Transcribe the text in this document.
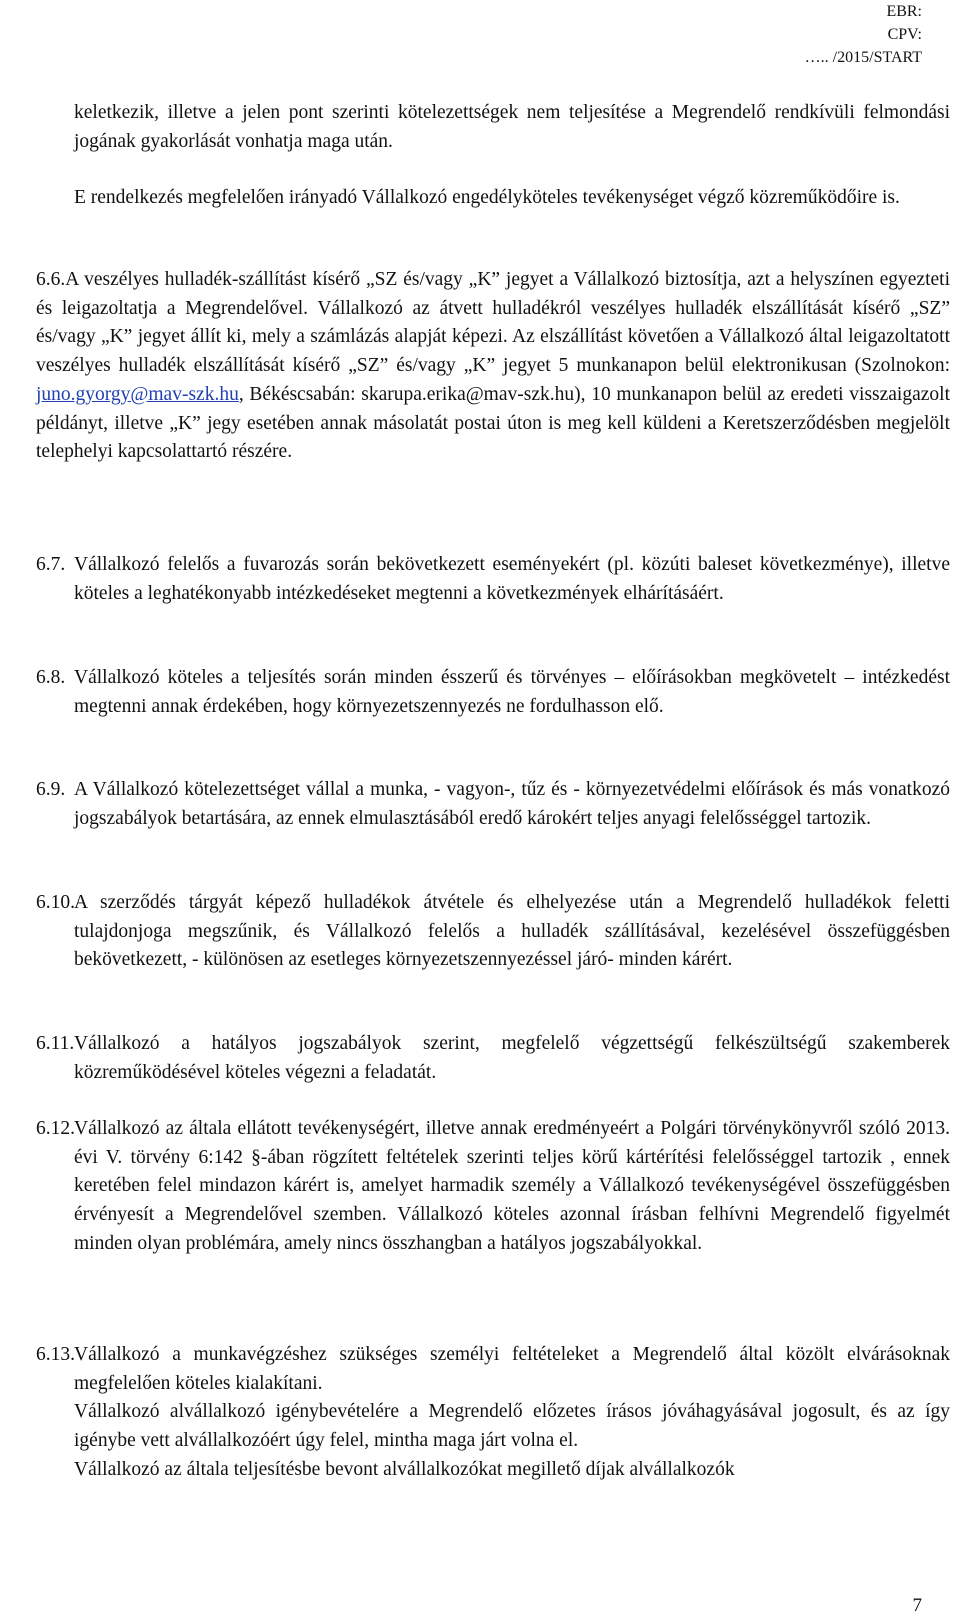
EBR:
CPV:
….. /2015/START
keletkezik, illetve a jelen pont szerinti kötelezettségek nem teljesítése a Megrendelő rendkívüli felmondási jogának gyakorlását vonhatja maga után.
E rendelkezés megfelelően irányadó Vállalkozó engedélyköteles tevékenységet végző közreműködőire is.
6.6.A veszélyes hulladék-szállítást kísérő „SZ és/vagy „K” jegyet a Vállalkozó biztosítja, azt a helyszínen egyezteti és leigazoltatja a Megrendelővel. Vállalkozó az átvett hulladékról veszélyes hulladék elszállítását kísérő „SZ” és/vagy „K” jegyet állít ki, mely a számlázás alapját képezi. Az elszállítást követően a Vállalkozó által leigazoltatott veszélyes hulladék elszállítását kísérő „SZ” és/vagy „K” jegyet 5 munkanapon belül elektronikusan (Szolnokon: juno.gyorgy@mav-szk.hu, Békéscsabán: skarupa.erika@mav-szk.hu), 10 munkanapon belül az eredeti visszaigazolt példányt, illetve „K” jegy esetében annak másolatát postai úton is meg kell küldeni a Keretszerződésben megjelölt telephelyi kapcsolattartó részére.
6.7. Vállalkozó felelős a fuvarozás során bekövetkezett eseményekért (pl. közúti baleset következménye), illetve köteles a leghatékonyabb intézkedéseket megtenni a következmények elhárításáért.
6.8. Vállalkozó köteles a teljesítés során minden ésszerű és törvényes – előírásokban megkövetelt – intézkedést megtenni annak érdekében, hogy környezetszennyezés ne fordulhasson elő.
6.9. A Vállalkozó kötelezettséget vállal a munka, - vagyon-, tűz és - környezetvédelmi előírások és más vonatkozó jogszabályok betartására, az ennek elmulasztásából eredő károkért teljes anyagi felelősséggel tartozik.
6.10. A szerződés tárgyát képező hulladékok átvétele és elhelyezése után a Megrendelő hulladékok feletti tulajdonjoga megszűnik, és Vállalkozó felelős a hulladék szállításával, kezelésével összefüggésben bekövetkezett, - különösen az esetleges környezetszennyezéssel járó- minden kárért.
6.11. Vállalkozó a hatályos jogszabályok szerint, megfelelő végzettségű felkészültségű szakemberek közreműködésével köteles végezni a feladatát.
6.12. Vállalkozó az általa ellátott tevékenységért, illetve annak eredményeért a Polgári törvénykönyvről szóló 2013. évi V. törvény 6:142 §-ában rögzített feltételek szerinti teljes körű kártérítési felelősséggel tartozik , ennek keretében felel mindazon kárért is, amelyet harmadik személy a Vállalkozó tevékenységével összefüggésben érvényesít a Megrendelővel szemben. Vállalkozó köteles azonnal írásban felhívni Megrendelő figyelmét minden olyan problémára, amely nincs összhangban a hatályos jogszabályokkal.
6.13. Vállalkozó a munkavégzéshez szükséges személyi feltételeket a Megrendelő által közölt elvárásoknak megfelelően köteles kialakítani.
Vállalkozó alvállalkozó igénybevételére a Megrendelő előzetes írásos jóváhagyásával jogosult, és az így igénybe vett alvállalkozóért úgy felel, mintha maga járt volna el.
Vállalkozó az általa teljesítésbe bevont alvállalkozókat megillető díjak alvállalkozók
7
